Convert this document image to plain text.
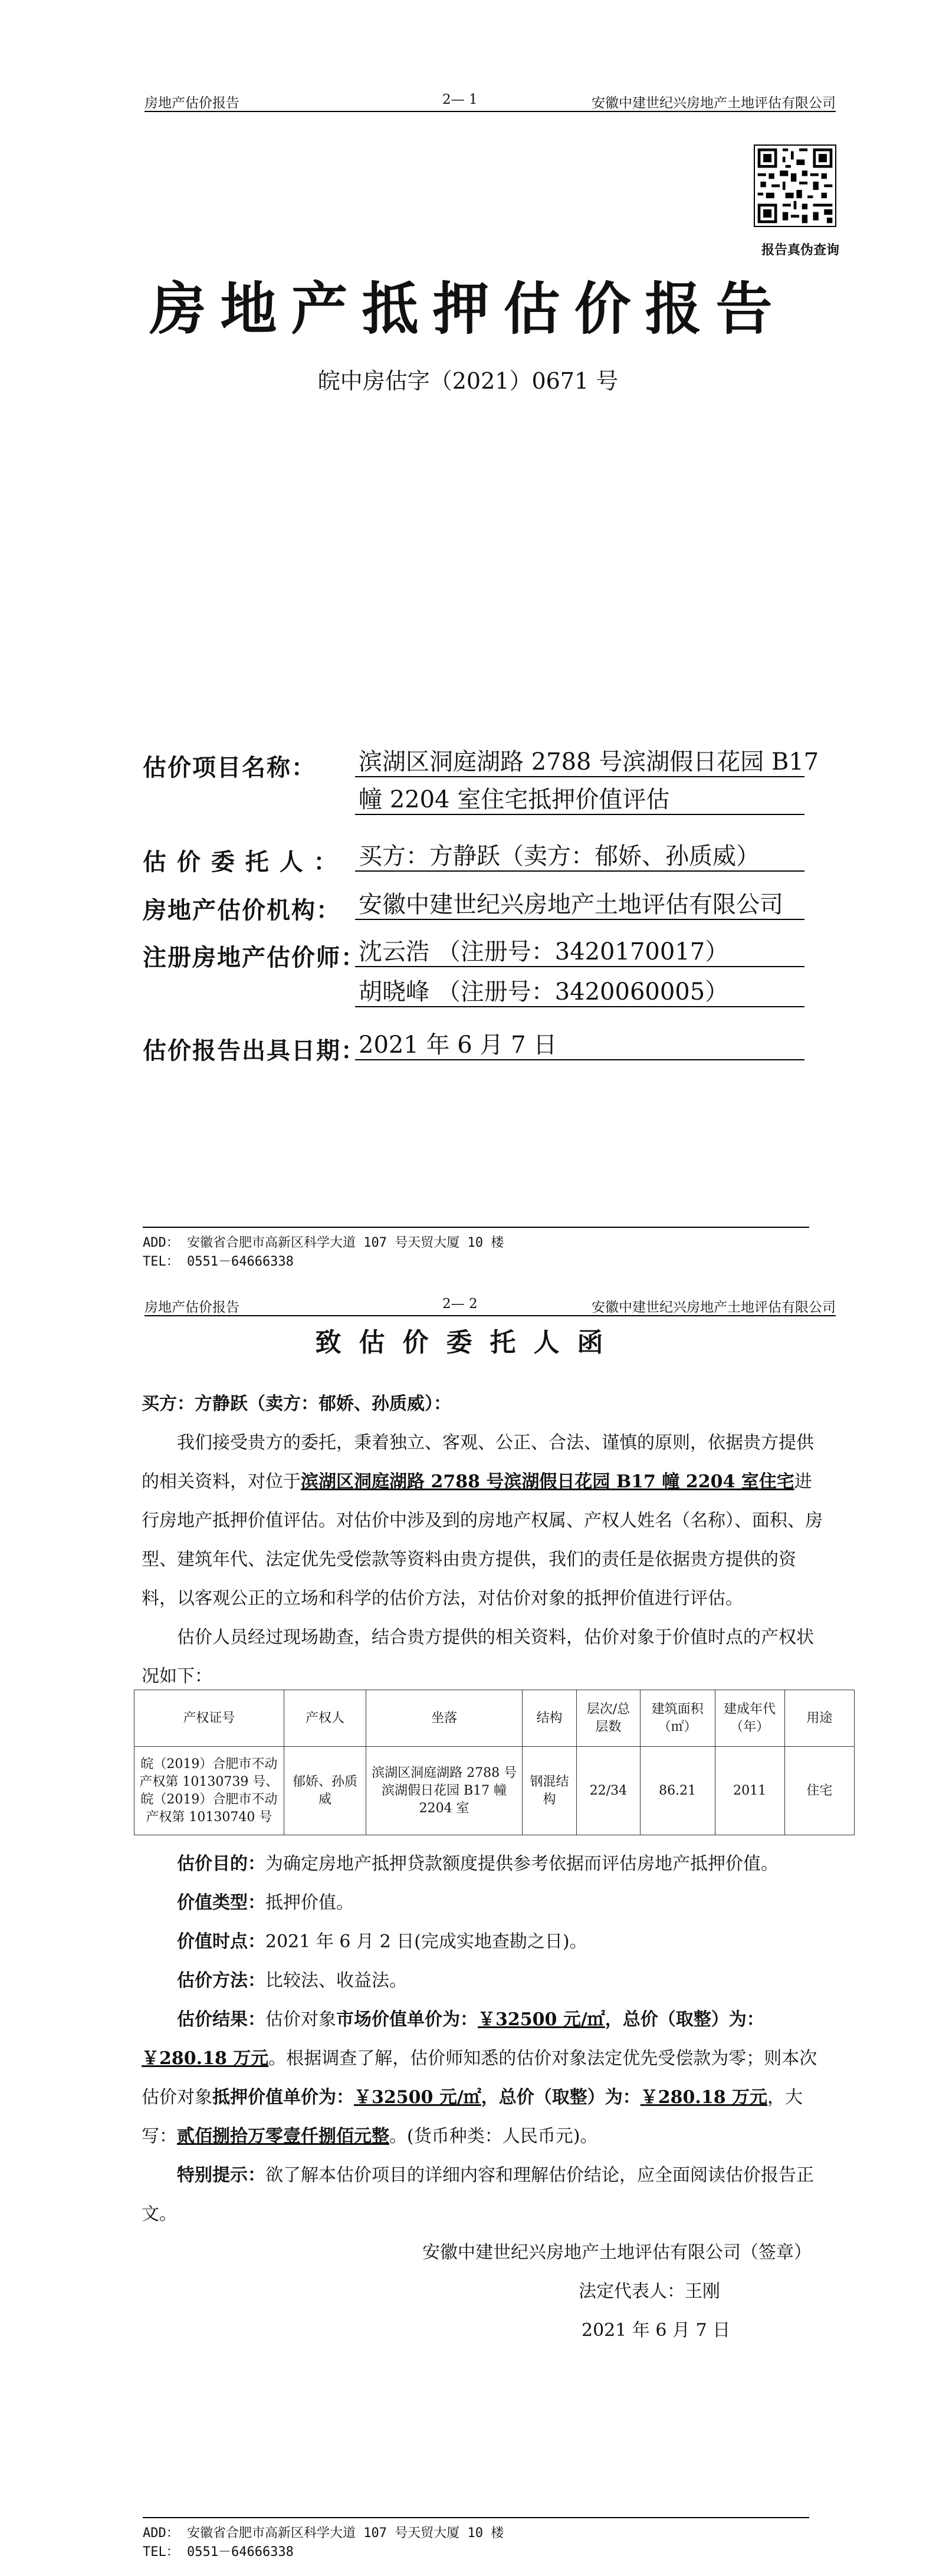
房地产估价报告	2— 1	安徽中建世纪兴房地产土地评估有限公司
报告真伪查询
房地产抵押估价报告
皖中房估字（2021）0671 号
估价项目名称： 滨湖区洞庭湖路 2788 号滨湖假日花园 B17
幢 2204 室住宅抵押价值评估
估 价 委 托 人 ： 买方：方静跃（卖方：郁娇、孙质威）
房地产估价机构： 安徽中建世纪兴房地产土地评估有限公司
注册房地产估价师：
沈云浩 （注册号：3420170017）
胡晓峰 （注册号：3420060005）
估价报告出具日期：
2021 年 6 月 7 日
ADD： 安徽省合肥市高新区科学大道 107 号天贸大厦 10 楼
TEL： 0551－64666338
房地产估价报告	2— 2	安徽中建世纪兴房地产土地评估有限公司
致估价委托人函
买方：方静跃（卖方：郁娇、孙质威）：
我们接受贵方的委托，秉着独立、客观、公正、合法、谨慎的原则，依据贵方提供的相关资料，对位于滨湖区洞庭湖路 2788 号滨湖假日花园 B17 幢 2204 室住宅进行房地产抵押价值评估。对估价中涉及到的房地产权属、产权人姓名（名称）、面积、房型、建筑年代、法定优先受偿款等资料由贵方提供，我们的责任是依据贵方提供的资料，以客观公正的立场和科学的估价方法，对估价对象的抵押价值进行评估。
估价人员经过现场勘查，结合贵方提供的相关资料，估价对象于价值时点的产权状况如下：
产权证号	产权人	坐落	结构	层次/总层数	建筑面积（㎡）	建成年代（年）	用途
皖（2019）合肥市不动产权第 10130739 号、皖（2019）合肥市不动产权第 10130740 号	郁娇、孙质威	滨湖区洞庭湖路 2788 号滨湖假日花园 B17 幢 2204 室	钢混结构	22/34	86.21	2011	住宅
估价目的：为确定房地产抵押贷款额度提供参考依据而评估房地产抵押价值。
价值类型：抵押价值。
价值时点：2021 年 6 月 2 日(完成实地查勘之日)。
估价方法：比较法、收益法。
估价结果：估价对象市场价值单价为：￥32500 元/㎡，总价（取整）为：￥280.18 万元。根据调查了解，估价师知悉的估价对象法定优先受偿款为零；则本次估价对象抵押价值单价为：￥32500 元/㎡，总价（取整）为：￥280.18 万元，大写：贰佰捌拾万零壹仟捌佰元整。(货币种类：人民币元)。
特别提示：欲了解本估价项目的详细内容和理解估价结论，应全面阅读估价报告正文。
安徽中建世纪兴房地产土地评估有限公司（签章）
法定代表人：王刚
2021 年 6 月 7 日
ADD： 安徽省合肥市高新区科学大道 107 号天贸大厦 10 楼
TEL： 0551－64666338
